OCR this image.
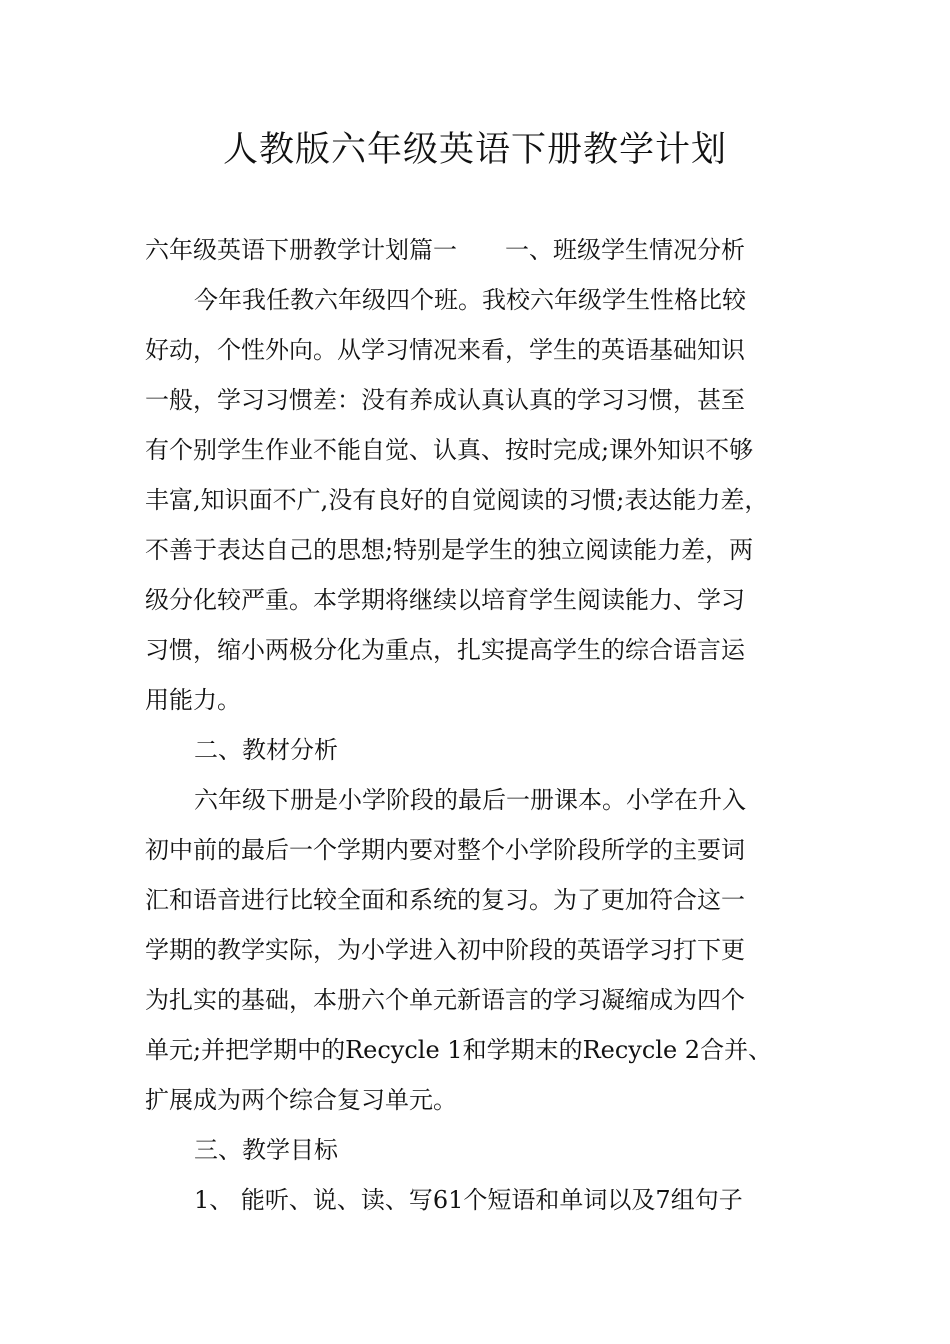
人教版六年级英语下册教学计划

六年级英语下册教学计划篇一 一、班级学生情况分析

今年我任教六年级四个班。我校六年级学生性格比较

好动，个性外向。从学习情况来看，学生的英语基础知识

一般，学习习惯差：没有养成认真认真的学习习惯，甚至

有个别学生作业不能自觉、认真、按时完成;课外知识不够

丰富,知识面不广,没有良好的自觉阅读的习惯;表达能力差，

不善于表达自己的思想;特别是学生的独立阅读能力差，两

级分化较严重。本学期将继续以培育学生阅读能力、学习

习惯，缩小两极分化为重点，扎实提高学生的综合语言运

用能力。

二、教材分析

六年级下册是小学阶段的最后一册课本。小学在升入

初中前的最后一个学期内要对整个小学阶段所学的主要词

汇和语音进行比较全面和系统的复习。为了更加符合这一

学期的教学实际，为小学进入初中阶段的英语学习打下更

为扎实的基础，本册六个单元新语言的学习凝缩成为四个

单元;并把学期中的Recycle 1和学期末的Recycle 2合并、

扩展成为两个综合复习单元。

三、教学目标

1、 能听、说、读、写61个短语和单词以及7组句子
